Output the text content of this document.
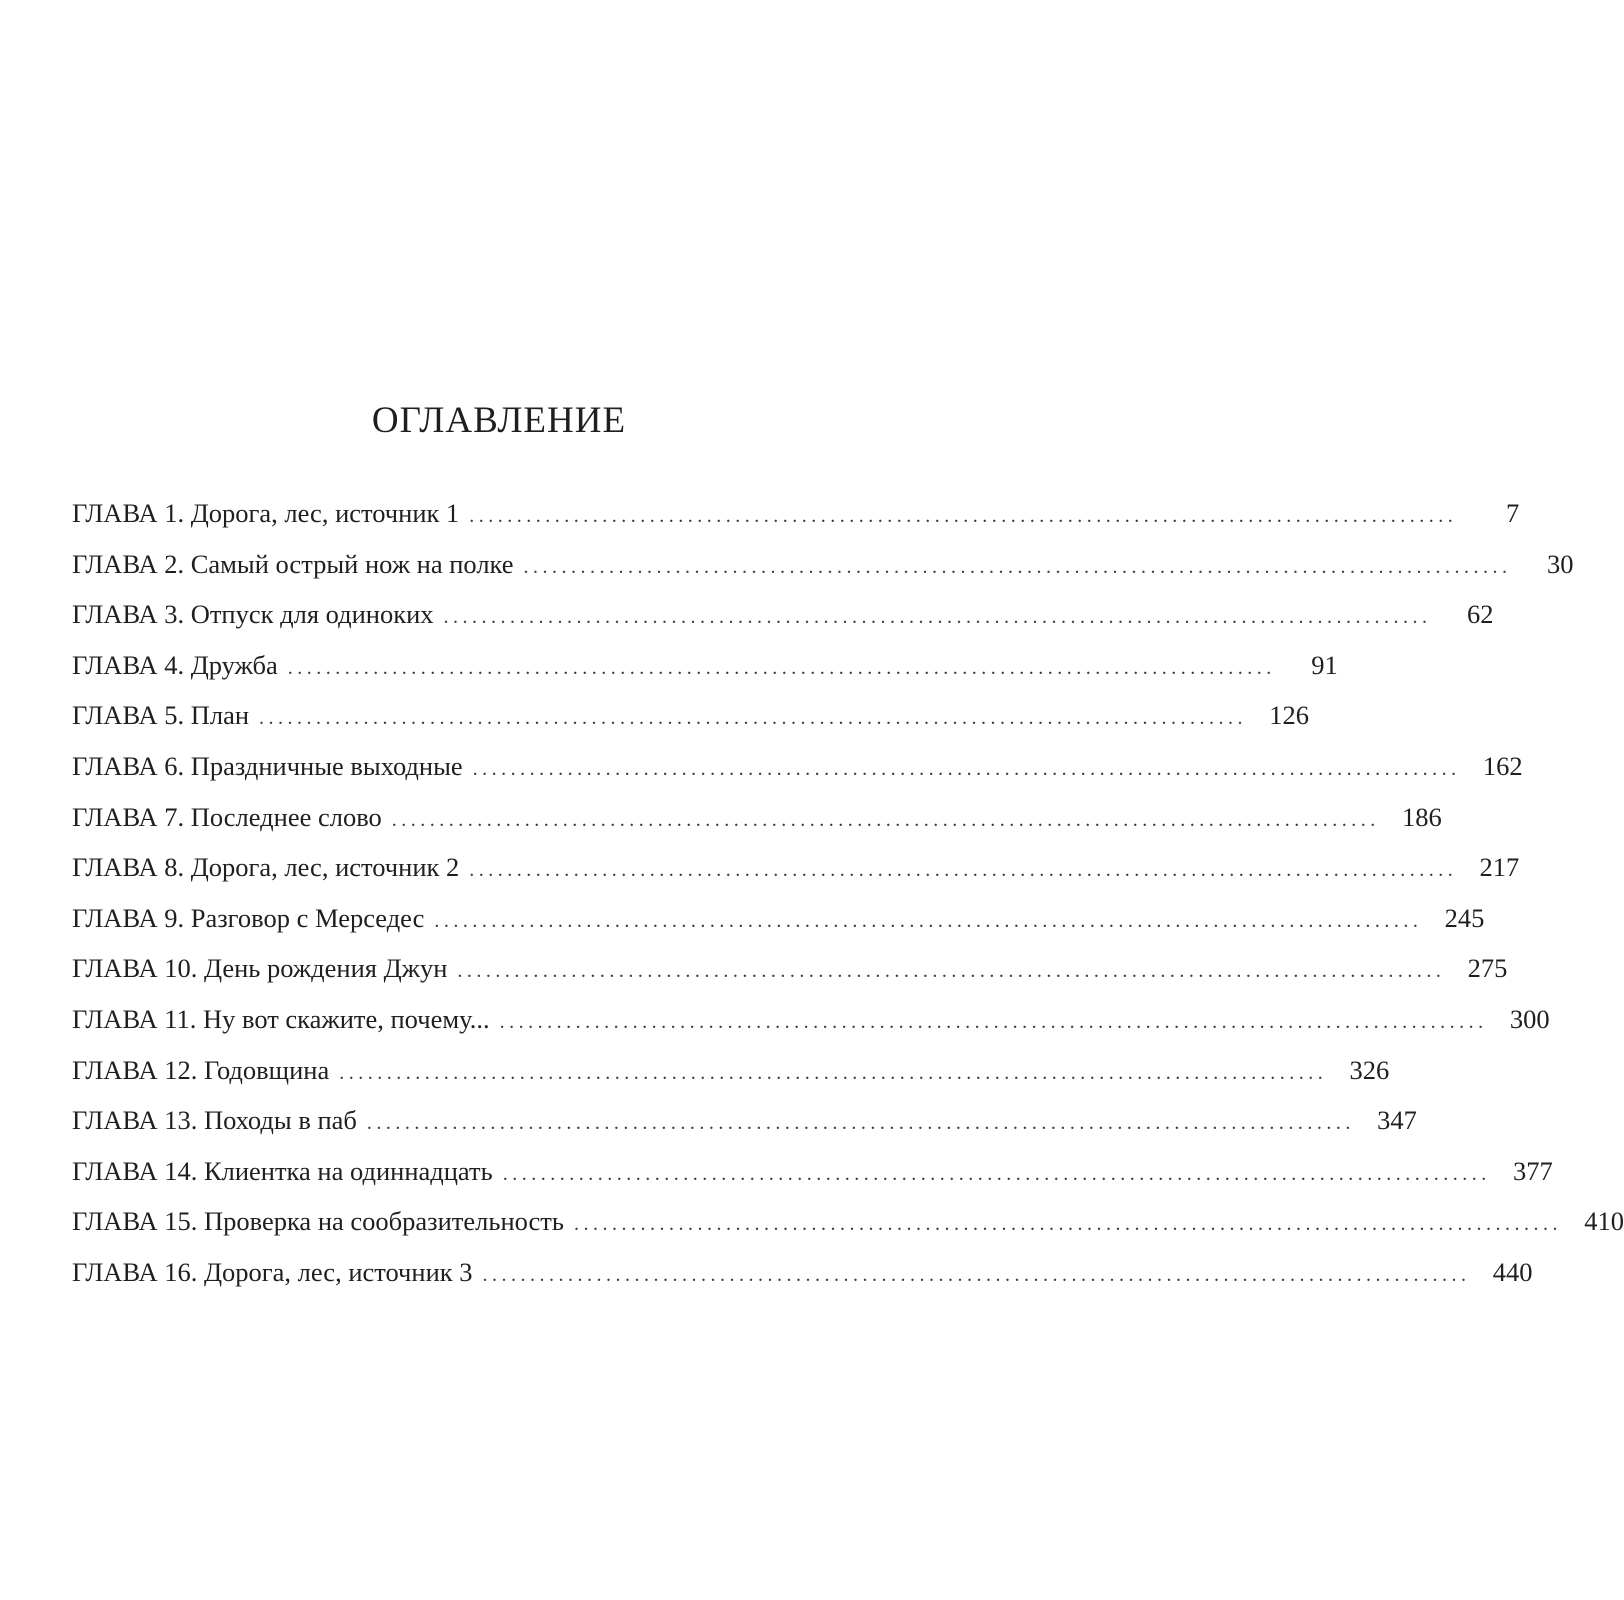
ОГЛАВЛЕНИЕ
ГЛАВА 1. Дорога, лес, источник 1 ........................................................................................................	7
ГЛАВА 2. Самый острый нож на полке ........................................................................................................	30
ГЛАВА 3. Отпуск для одиноких ........................................................................................................	62
ГЛАВА 4. Дружба ........................................................................................................	91
ГЛАВА 5. План ........................................................................................................ 126
ГЛАВА 6. Праздничные выходные ........................................................................................................ 162
ГЛАВА 7. Последнее слово ........................................................................................................ 186
ГЛАВА 8. Дорога, лес, источник 2 ........................................................................................................ 217
ГЛАВА 9. Разговор с Мерседес ........................................................................................................ 245
ГЛАВА 10. День рождения Джун ........................................................................................................ 275
ГЛАВА 11. Ну вот скажите, почему... ........................................................................................................ 300
ГЛАВА 12. Годовщина ........................................................................................................ 326
ГЛАВА 13. Походы в паб ........................................................................................................ 347
ГЛАВА 14. Клиентка на одиннадцать ........................................................................................................ 377
ГЛАВА 15. Проверка на сообразительность ........................................................................................................ 410
ГЛАВА 16. Дорога, лес, источник 3 ........................................................................................................ 440
